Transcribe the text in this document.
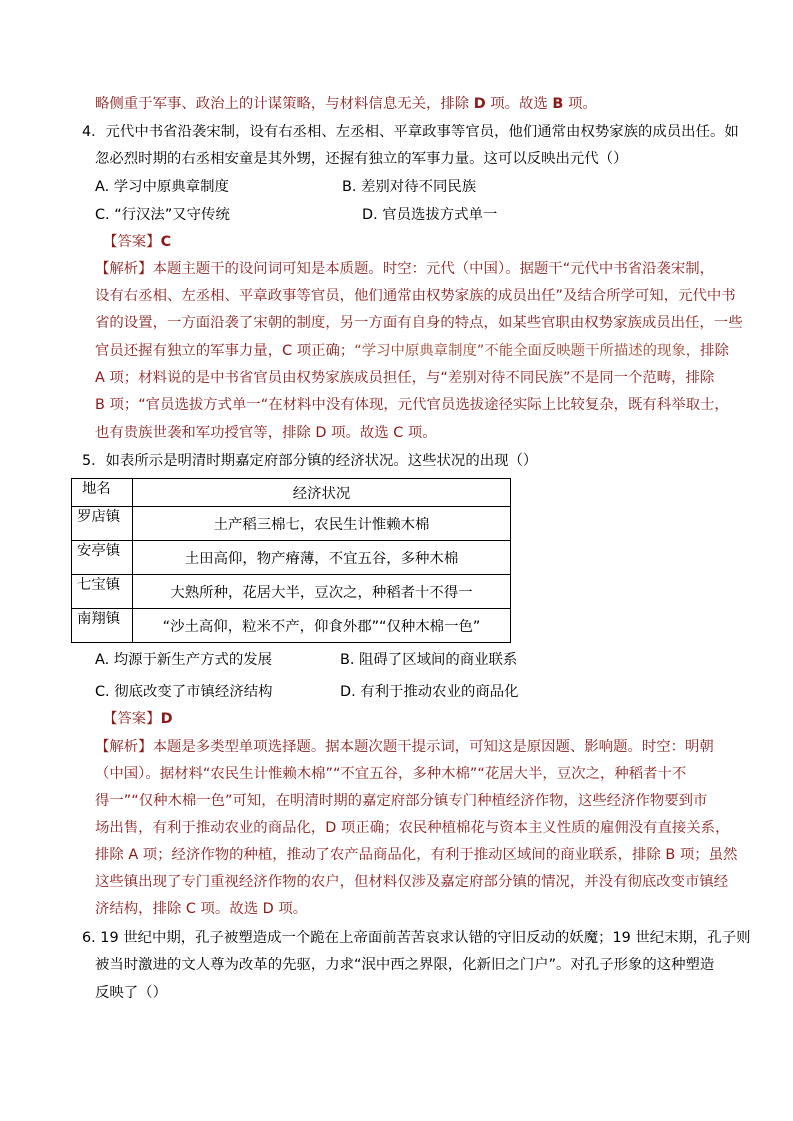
略侧重于军事、政治上的计谋策略，与材料信息无关，排除 D 项。故选 B 项。
4．元代中书省沿袭宋制，设有右丞相、左丞相、平章政事等官员，他们通常由权势家族的成员出任。如
忽必烈时期的右丞相安童是其外甥，还握有独立的军事力量。这可以反映出元代（）
A. 学习中原典章制度	B. 差别对待不同民族
C. “行汉法”又守传统	D. 官员选拔方式单一
【答案】C
【解析】本题主题干的设问词可知是本质题。时空：元代（中国）。据题干“元代中书省沿袭宋制，
设有右丞相、左丞相、平章政事等官员，他们通常由权势家族的成员出任”及结合所学可知，元代中书
省的设置，一方面沿袭了宋朝的制度，另一方面有自身的特点，如某些官职由权势家族成员出任，一些
官员还握有独立的军事力量，C 项正确；“学习中原典章制度”不能全面反映题干所描述的现象，排除
A 项；材料说的是中书省官员由权势家族成员担任，与“差别对待不同民族”不是同一个范畴，排除
B 项；“官员选拔方式单一“在材料中没有体现，元代官员选拔途径实际上比较复杂，既有科举取士，
也有贵族世袭和军功授官等，排除 D 项。故选 C 项。
5．如表所示是明清时期嘉定府部分镇的经济状况。这些状况的出现（）
地名	经济状况
罗店镇	土产稻三棉七，农民生计惟赖木棉
安亭镇	土田高仰，物产瘠薄，不宜五谷，多种木棉
七宝镇	大熟所种，花居大半，豆次之，种稻者十不得一
南翔镇	“沙土高仰，粒米不产，仰食外郡”“仅种木棉一色”
A. 均源于新生产方式的发展	B. 阻碍了区域间的商业联系
C. 彻底改变了市镇经济结构	D. 有利于推动农业的商品化
【答案】D
【解析】本题是多类型单项选择题。据本题次题干提示词，可知这是原因题、影响题。时空：明朝
（中国）。据材料“农民生计惟赖木棉”“不宜五谷，多种木棉”“花居大半，豆次之，种稻者十不
得一”“仅种木棉一色”可知，在明清时期的嘉定府部分镇专门种植经济作物，这些经济作物要到市
场出售，有利于推动农业的商品化，D 项正确；农民种植棉花与资本主义性质的雇佣没有直接关系，
排除 A 项；经济作物的种植，推动了农产品商品化，有利于推动区域间的商业联系，排除 B 项；虽然
这些镇出现了专门重视经济作物的农户，但材料仅涉及嘉定府部分镇的情况，并没有彻底改变市镇经
济结构，排除 C 项。故选 D 项。
6. 19 世纪中期，孔子被塑造成一个跪在上帝面前苦苦哀求认错的守旧反动的妖魔；19 世纪末期，孔子则
被当时激进的文人尊为改革的先驱，力求“泯中西之界限，化新旧之门户”。对孔子形象的这种塑造
反映了（）
